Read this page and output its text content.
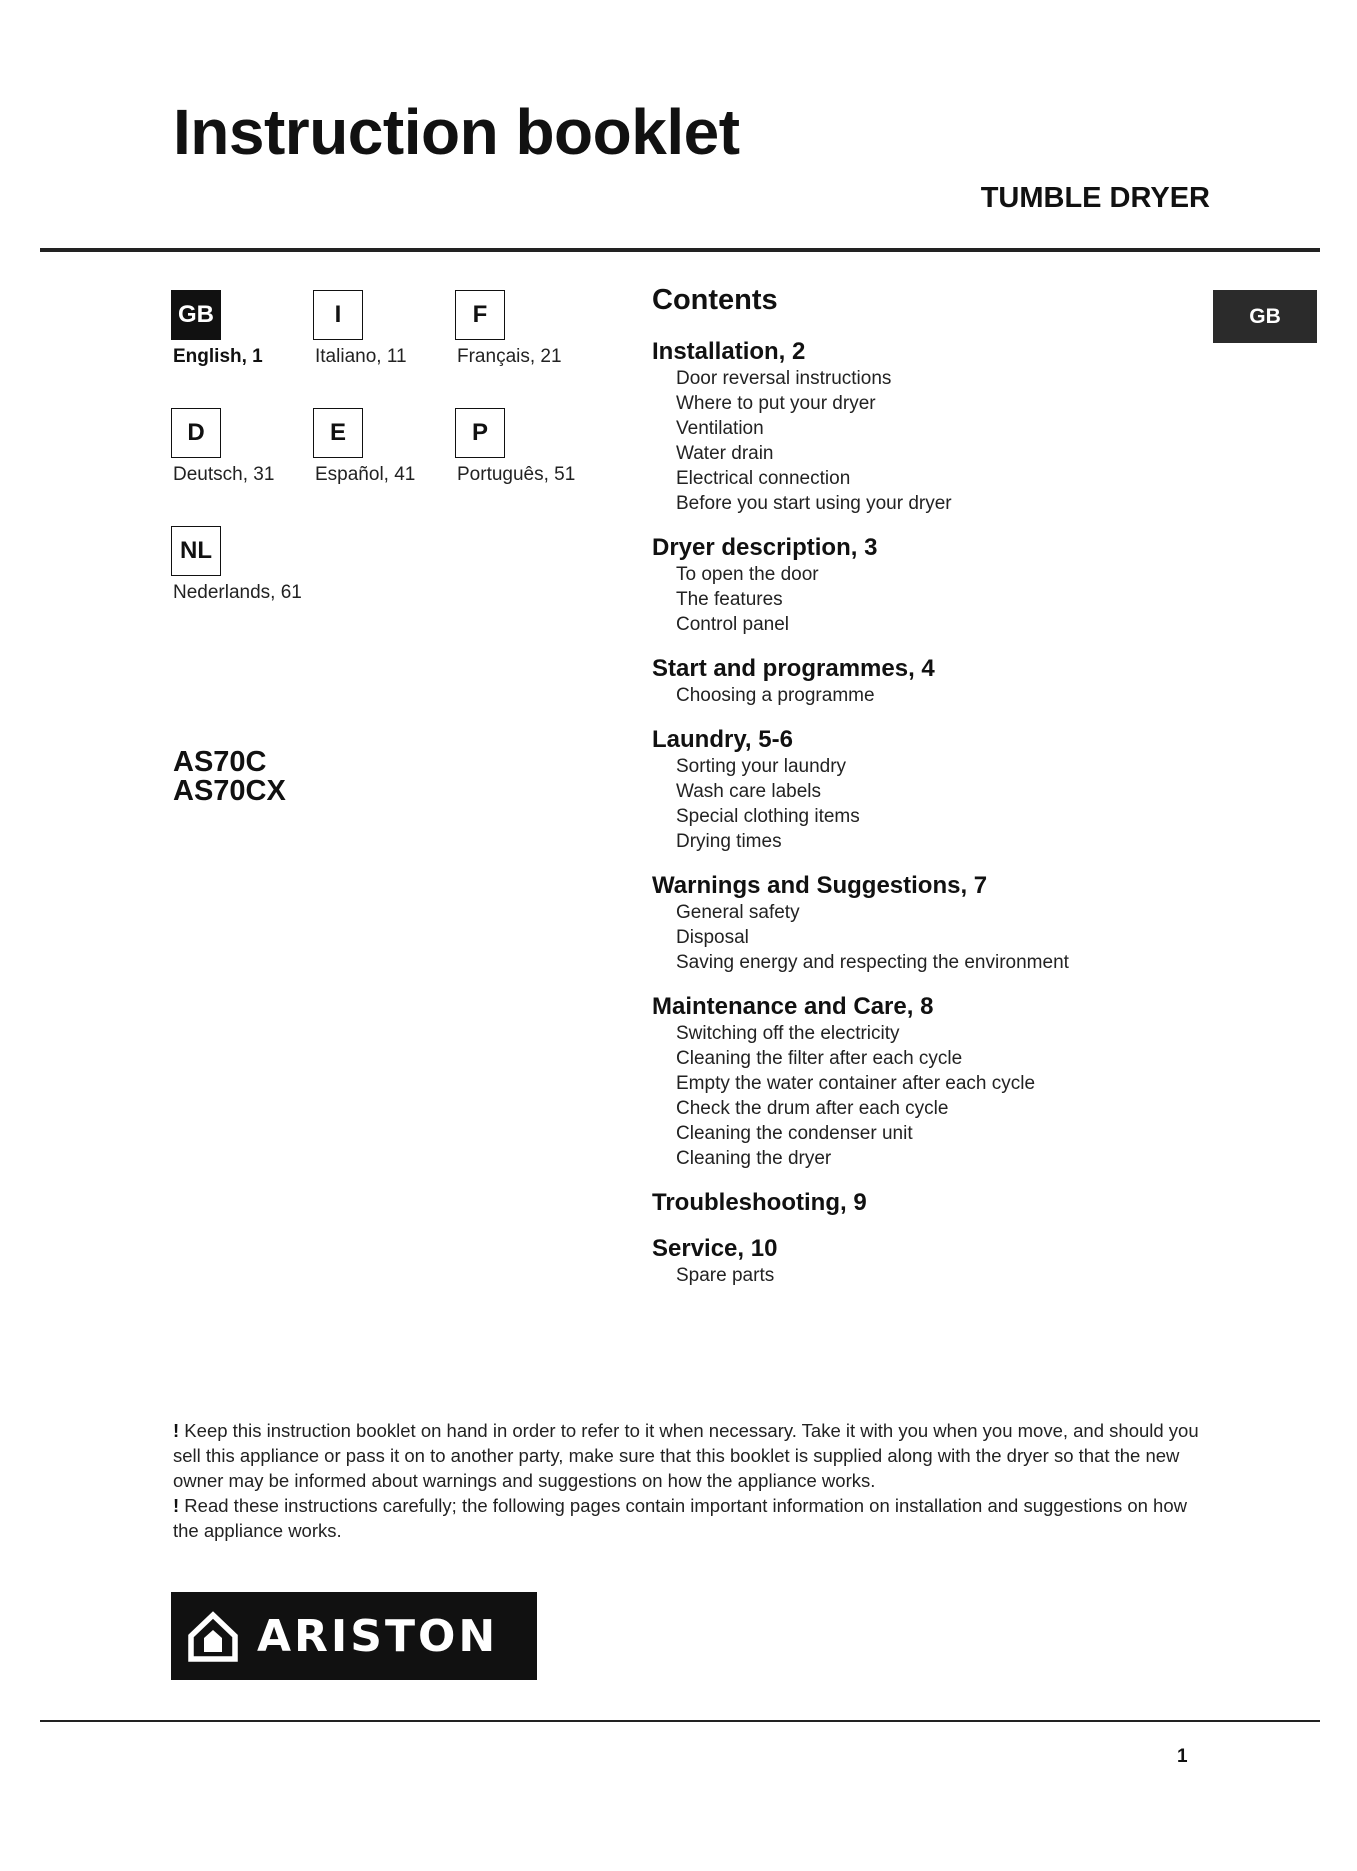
Instruction booklet
TUMBLE DRYER
GB
English, 1
I
Italiano, 11
F
Français, 21
D
Deutsch, 31
E
Español, 41
P
Português, 51
NL
Nederlands, 61
AS70C
AS70CX
GB
Contents
Installation, 2
Door reversal instructions
Where to put your dryer
Ventilation
Water drain
Electrical connection
Before you start using your dryer
Dryer description, 3
To open the door
The features
Control panel
Start and programmes, 4
Choosing a programme
Laundry, 5-6
Sorting your laundry
Wash care labels
Special clothing items
Drying times
Warnings and Suggestions, 7
General safety
Disposal
Saving energy and respecting the environment
Maintenance and Care, 8
Switching off the electricity
Cleaning the filter after each cycle
Empty the water container after each cycle
Check the drum after each cycle
Cleaning the condenser unit
Cleaning the dryer
Troubleshooting, 9
Service, 10
Spare parts
! Keep this instruction booklet on hand in order to refer to it when necessary. Take it with you when you move, and should you sell this appliance or pass it on to another party, make sure that this booklet is supplied along with the dryer so that the new owner may be informed about warnings and suggestions on how the appliance works.
! Read these instructions carefully; the following pages contain important information on installation and suggestions on how the appliance works.
ARISTON
1
